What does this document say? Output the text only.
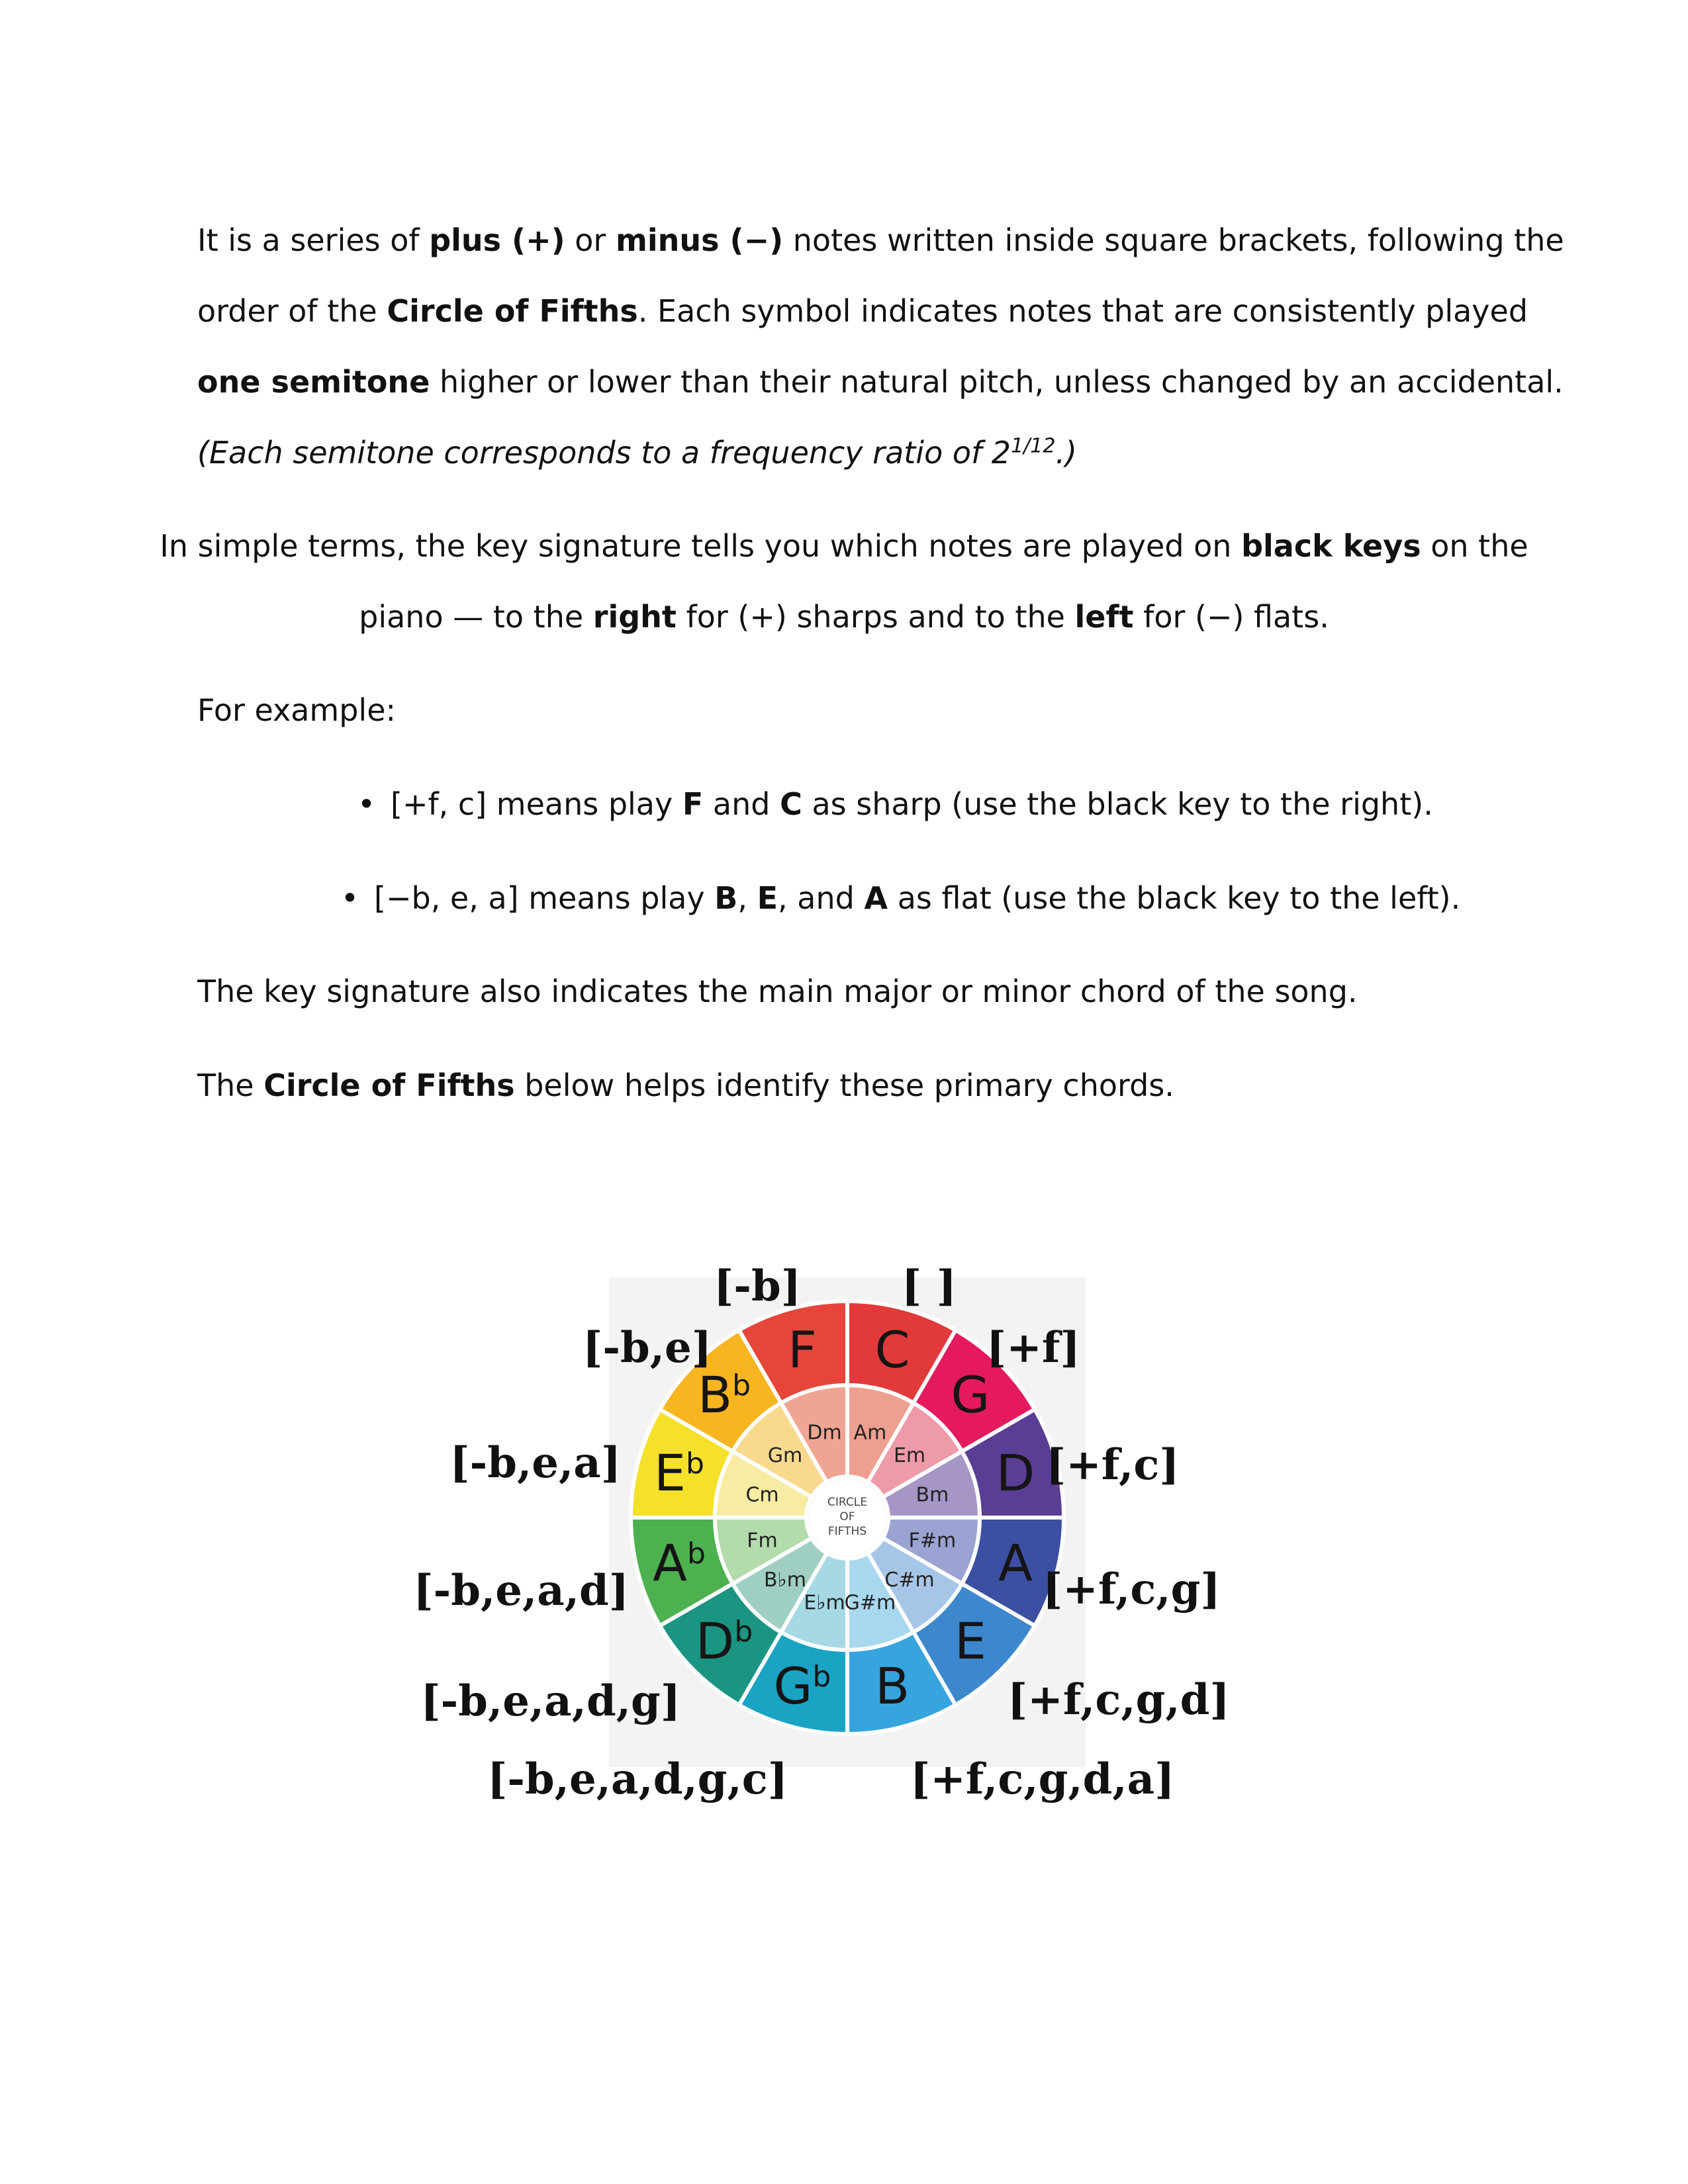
It is a series of plus (+) or minus (−) notes written inside square brackets, following the
order of the Circle of Fifths. Each symbol indicates notes that are consistently played
one semitone higher or lower than their natural pitch, unless changed by an accidental.
(Each semitone corresponds to a frequency ratio of $2^{1/12}$.)
In simple terms, the key signature tells you which notes are played on black keys on the
piano — to the right for (+) sharps and to the left for (−) flats.
For example:
• [+f, c] means play F and C as sharp (use the black key to the right).
• [−b, e, a] means play B, E, and A as flat (use the black key to the left).
The key signature also indicates the main major or minor chord of the song.
The Circle of Fifths below helps identify these primary chords.
C
Am
[ ]
G
Em
[+f]
D
Bm
[+f,c]
A
F#m
[+f,c,g]
E
C#m
[+f,c,g,d]
B
G#m
[+f,c,g,d,a]
$G^b$
E♭m
[-b,e,a,d,g,c]
$D^b$
B♭m
[-b,e,a,d,g]
$A^b$ Fm
[-b,e,a,d]
$E^b$
Cm
[-b,e,a]
$B^b$
Gm
[-b,e] F
Dm
[-b]
CIRCLE
OF
FIFTHS
